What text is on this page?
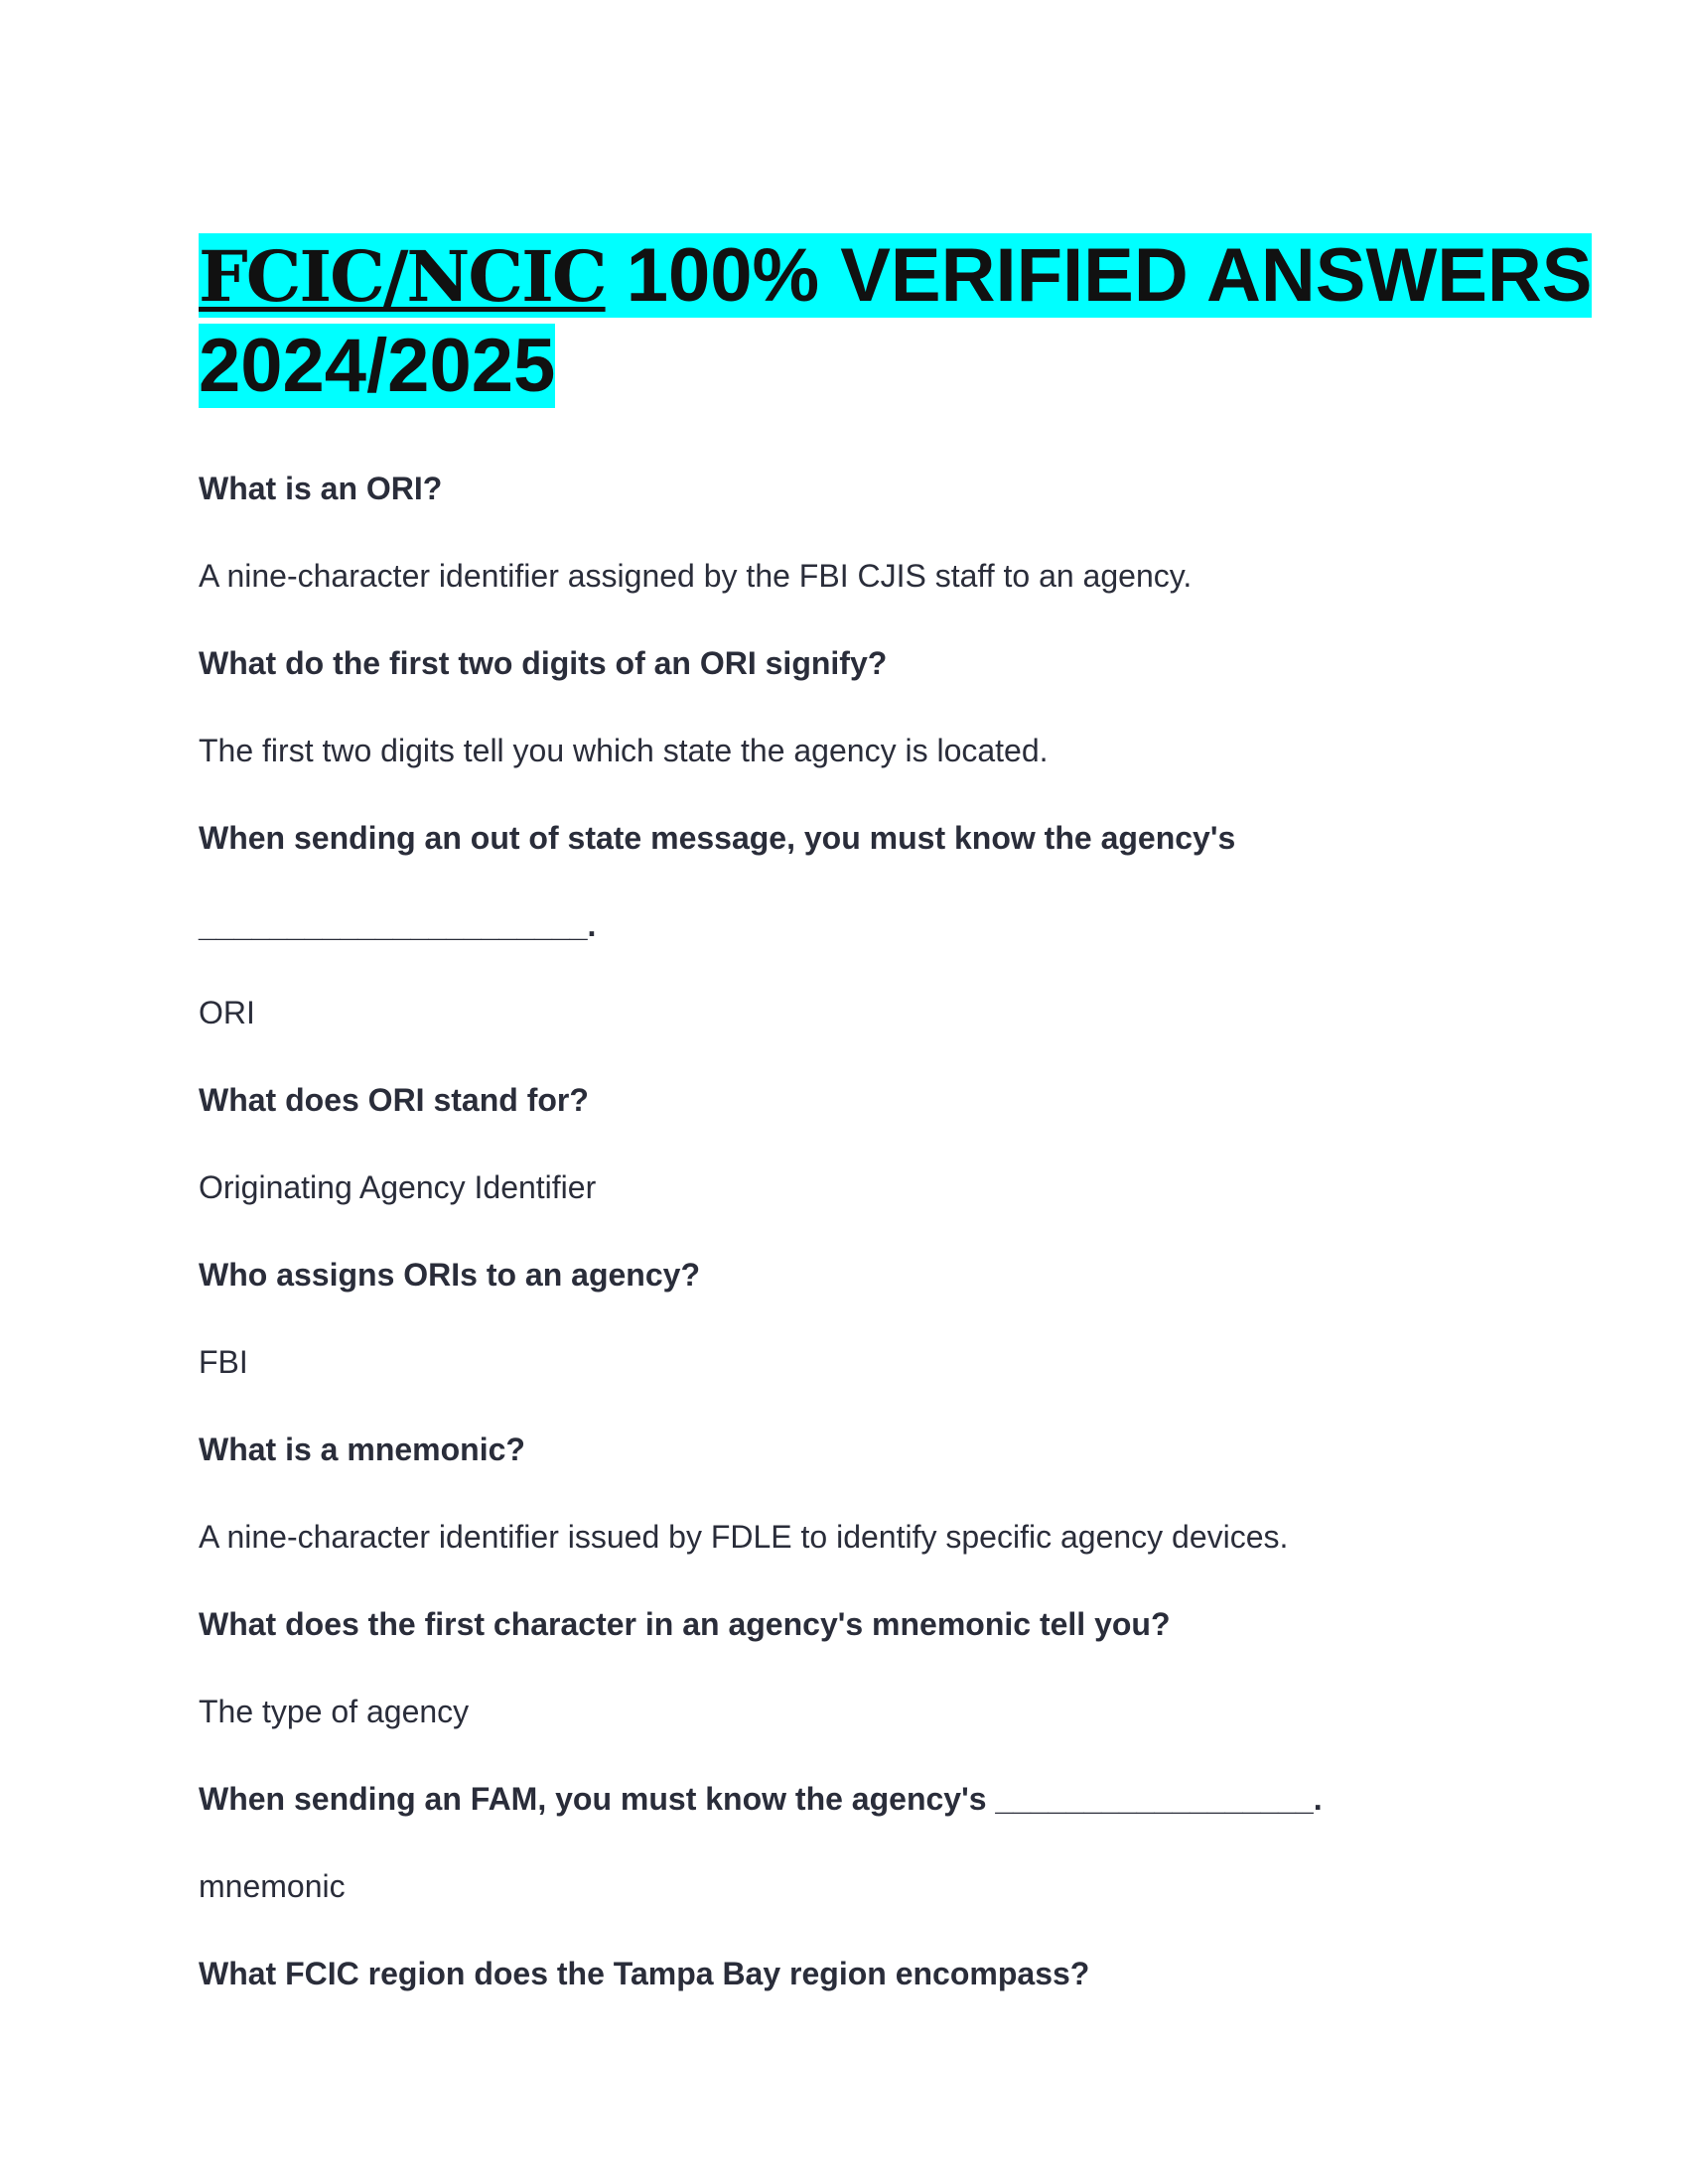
FCIC/NCIC 100% VERIFIED ANSWERS 2024/2025
What is an ORI?
A nine-character identifier assigned by the FBI CJIS staff to an agency.
What do the first two digits of an ORI signify?
The first two digits tell you which state the agency is located.
When sending an out of state message, you must know the agency's
______________________.
ORI
What does ORI stand for?
Originating Agency Identifier
Who assigns ORIs to an agency?
FBI
What is a mnemonic?
A nine-character identifier issued by FDLE to identify specific agency devices.
What does the first character in an agency's mnemonic tell you?
The type of agency
When sending an FAM, you must know the agency's __________________.
mnemonic
What FCIC region does the Tampa Bay region encompass?
